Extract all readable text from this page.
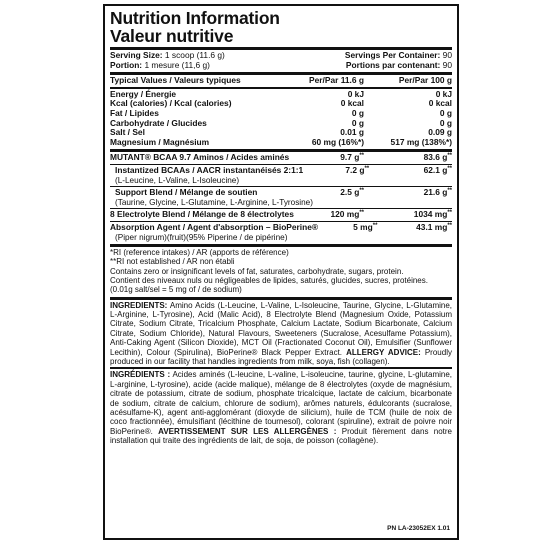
Nutrition Information
Valeur nutritive
Serving Size: 1 scoop (11.6 g)	Servings Per Container: 90
Portion: 1 mesure (11,6 g)	Portions par contenant: 90
Typical Values / Valeurs typiques	Per/Par 11.6 g	Per/Par 100 g
Energy / Énergie	0 kJ	0 kJ
Kcal (calories) / Kcal (calories)	0 kcal	0 kcal
Fat / Lipides	0 g	0 g
Carbohydrate / Glucides	0 g	0 g
Salt / Sel	0.01 g	0.09 g
Magnesium / Magnésium	60 mg (16%*)	517 mg (138%*)
MUTANT® BCAA 9.7 Aminos / Acides aminés	9.7 g**	83.6 g**
Instantized BCAAs / AACR instantanéisés 2:1:1	7.2 g**	62.1 g**
(L-Leucine, L-Valine, L-Isoleucine)
Support Blend / Mélange de soutien	2.5 g**	21.6 g**
(Taurine, Glycine, L-Glutamine, L-Arginine, L-Tyrosine)
8 Electrolyte Blend / Mélange de 8 électrolytes	120 mg**	1034 mg**
Absorption Agent / Agent d'absorption – BioPerine®	5 mg**	43.1 mg**
(Piper nigrum)(fruit)(95% Piperine / de pipérine)
*RI (reference intakes) / AR (apports de référence)
**RI not established / AR non établi
Contains zero or insignificant levels of fat, saturates, carbohydrate, sugars, protein.
Contient des niveaux nuls ou négligeables de lipides, saturés, glucides, sucres, protéines.
(0.01g salt/sel = 5 mg of / de sodium)
INGREDIENTS: Amino Acids (L-Leucine, L-Valine, L-Isoleucine, Taurine, Glycine, L-Glutamine, L-Arginine, L-Tyrosine), Acid (Malic Acid), 8 Electrolyte Blend (Magnesium Oxide, Potassium Citrate, Sodium Citrate, Tricalcium Phosphate, Calcium Lactate, Sodium Bicarbonate, Calcium Citrate, Sodium Chloride), Natural Flavours, Sweeteners (Sucralose, Acesulfame Potassium), Anti-Caking Agent (Silicon Dioxide), MCT Oil (Fractionated Coconut Oil), Emulsifier (Sunflower Lecithin), Colour (Spirulina), BioPerine® Black Pepper Extract. ALLERGY ADVICE: Proudly produced in our facility that handles ingredients from milk, soya, fish (collagen).
INGRÉDIENTS : Acides aminés (L-leucine, L-valine, L-isoleucine, taurine, glycine, L-glutamine, L-arginine, L-tyrosine), acide (acide malique), mélange de 8 électrolytes (oxyde de magnésium, citrate de potassium, citrate de sodium, phosphate tricalcique, lactate de calcium, bicarbonate de sodium, citrate de calcium, chlorure de sodium), arômes naturels, édulcorants (sucralose, acésulfame-K), agent anti-agglomérant (dioxyde de silicium), huile de TCM (huile de noix de coco fractionnée), émulsifiant (lécithine de tournesol), colorant (spiruline), extrait de poivre noir BioPerine®. AVERTISSEMENT SUR LES ALLERGÈNES : Produit fièrement dans notre installation qui traite des ingrédients de lait, de soja, de poisson (collagène).
PN LA-23052EX 1.01
